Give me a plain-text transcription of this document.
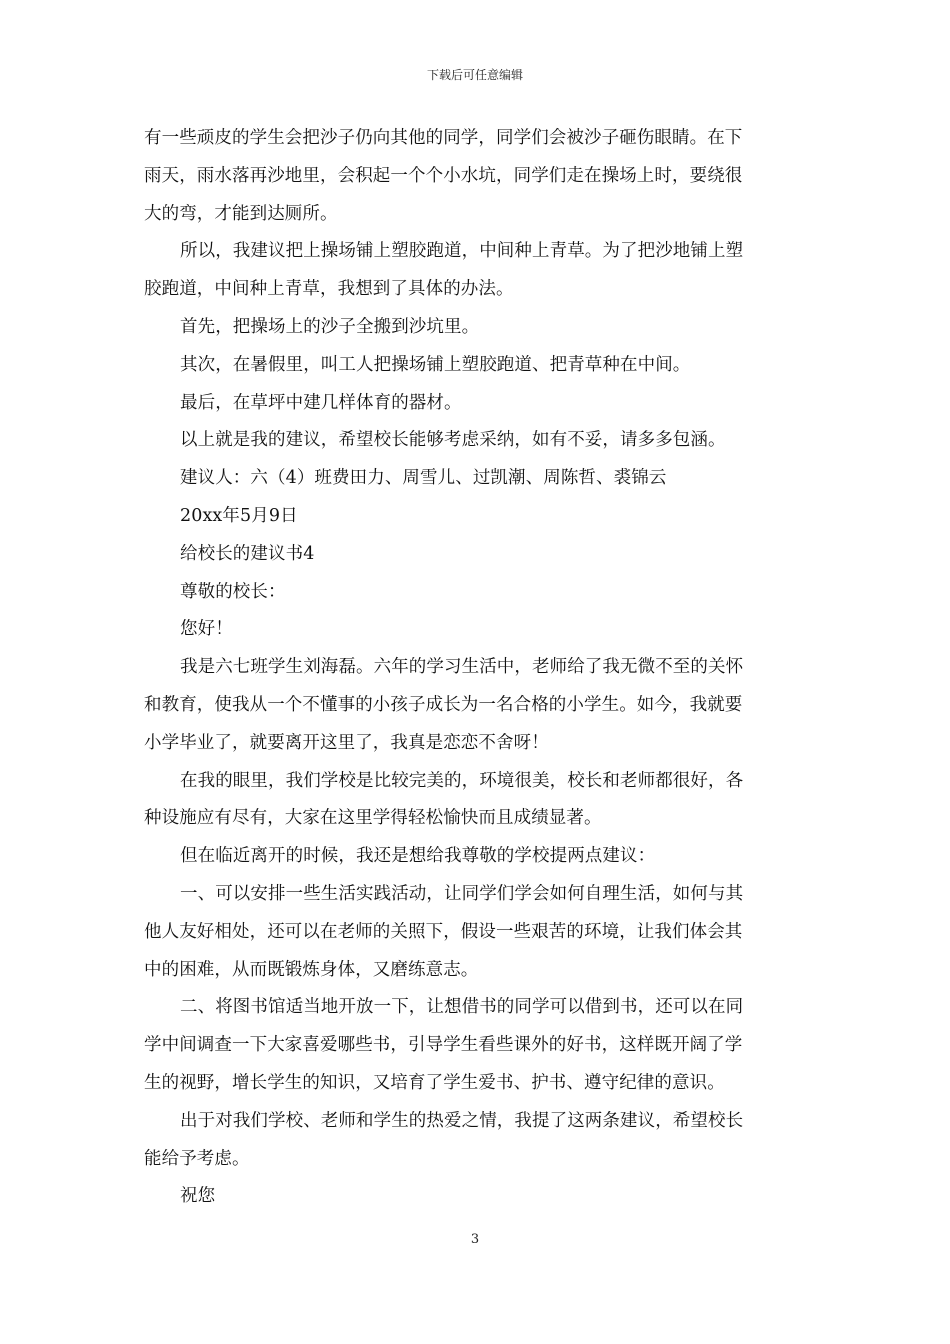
下载后可任意编辑
有一些顽皮的学生会把沙子仍向其他的同学，同学们会被沙子砸伤眼睛。在下
雨天，雨水落再沙地里，会积起一个个小水坑，同学们走在操场上时，要绕很
大的弯，才能到达厕所。
所以，我建议把上操场铺上塑胶跑道，中间种上青草。为了把沙地铺上塑
胶跑道，中间种上青草，我想到了具体的办法。
首先，把操场上的沙子全搬到沙坑里。
其次，在暑假里，叫工人把操场铺上塑胶跑道、把青草种在中间。
最后，在草坪中建几样体育的器材。
以上就是我的建议，希望校长能够考虑采纳，如有不妥，请多多包涵。
建议人：六（4）班费田力、周雪儿、过凯潮、周陈哲、裘锦云
20xx年5月9日
给校长的建议书4
尊敬的校长：
您好！
我是六七班学生刘海磊。六年的学习生活中，老师给了我无微不至的关怀
和教育，使我从一个不懂事的小孩子成长为一名合格的小学生。如今，我就要
小学毕业了，就要离开这里了，我真是恋恋不舍呀！
在我的眼里，我们学校是比较完美的，环境很美，校长和老师都很好，各
种设施应有尽有，大家在这里学得轻松愉快而且成绩显著。
但在临近离开的时候，我还是想给我尊敬的学校提两点建议：
一、可以安排一些生活实践活动，让同学们学会如何自理生活，如何与其
他人友好相处，还可以在老师的关照下，假设一些艰苦的环境，让我们体会其
中的困难，从而既锻炼身体，又磨练意志。
二、将图书馆适当地开放一下，让想借书的同学可以借到书，还可以在同
学中间调查一下大家喜爱哪些书，引导学生看些课外的好书，这样既开阔了学
生的视野，增长学生的知识，又培育了学生爱书、护书、遵守纪律的意识。
出于对我们学校、老师和学生的热爱之情，我提了这两条建议，希望校长
能给予考虑。
祝您
3
